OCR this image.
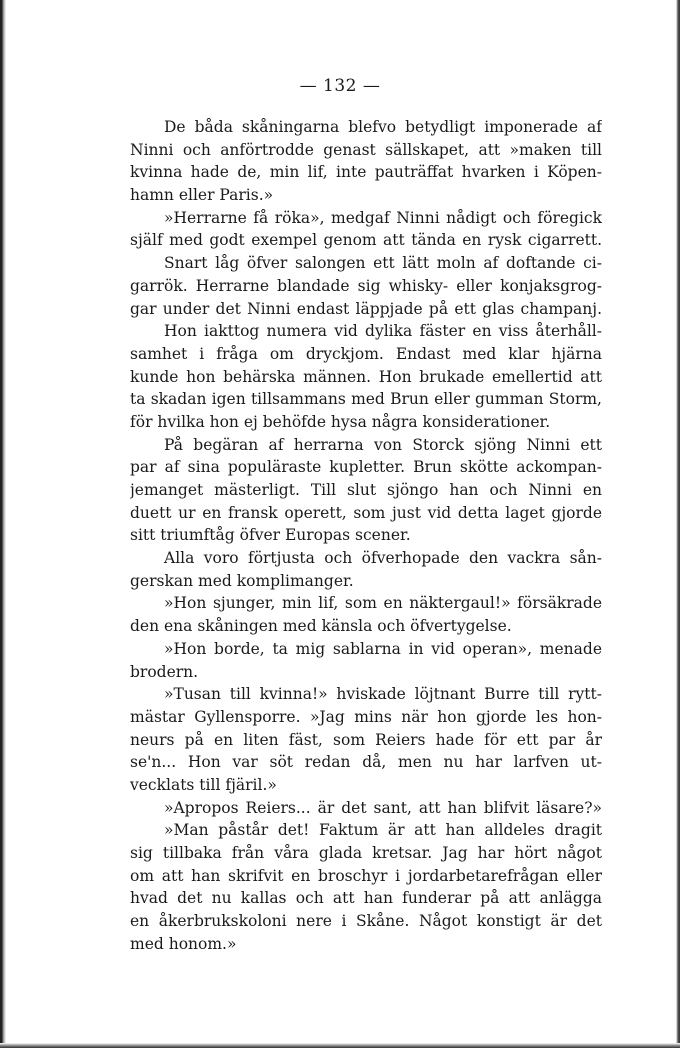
— 132 —
De båda skåningarna blefvo betydligt imponerade af
Ninni och anförtrodde genast sällskapet, att »maken till
kvinna hade de, min lif, inte pauträffat hvarken i Köpen-
hamn eller Paris.»
»Herrarne få röka», medgaf Ninni nådigt och föregick
själf med godt exempel genom att tända en rysk cigarrett.
Snart låg öfver salongen ett lätt moln af doftande ci-
garrök. Herrarne blandade sig whisky- eller konjaksgrog-
gar under det Ninni endast läppjade på ett glas champanj.
Hon iakttog numera vid dylika fäster en viss återhåll-
samhet i fråga om dryckjom. Endast med klar hjärna
kunde hon behärska männen. Hon brukade emellertid att
ta skadan igen tillsammans med Brun eller gumman Storm,
för hvilka hon ej behöfde hysa några konsiderationer.
På begäran af herrarna von Storck sjöng Ninni ett
par af sina populäraste kupletter. Brun skötte ackompan-
jemanget mästerligt. Till slut sjöngo han och Ninni en
duett ur en fransk operett, som just vid detta laget gjorde
sitt triumftåg öfver Europas scener.
Alla voro förtjusta och öfverhopade den vackra sån-
gerskan med komplimanger.
»Hon sjunger, min lif, som en näktergaul!» försäkrade
den ena skåningen med känsla och öfvertygelse.
»Hon borde, ta mig sablarna in vid operan», menade
brodern.
»Tusan till kvinna!» hviskade löjtnant Burre till rytt-
mästar Gyllensporre. »Jag mins när hon gjorde les hon-
neurs på en liten fäst, som Reiers hade för ett par år
se'n... Hon var söt redan då, men nu har larfven ut-
vecklats till fjäril.»
»Apropos Reiers... är det sant, att han blifvit läsare?»
»Man påstår det! Faktum är att han alldeles dragit
sig tillbaka från våra glada kretsar. Jag har hört något
om att han skrifvit en broschyr i jordarbetarefrågan eller
hvad det nu kallas och att han funderar på att anlägga
en åkerbrukskoloni nere i Skåne. Något konstigt är det
med honom.»
